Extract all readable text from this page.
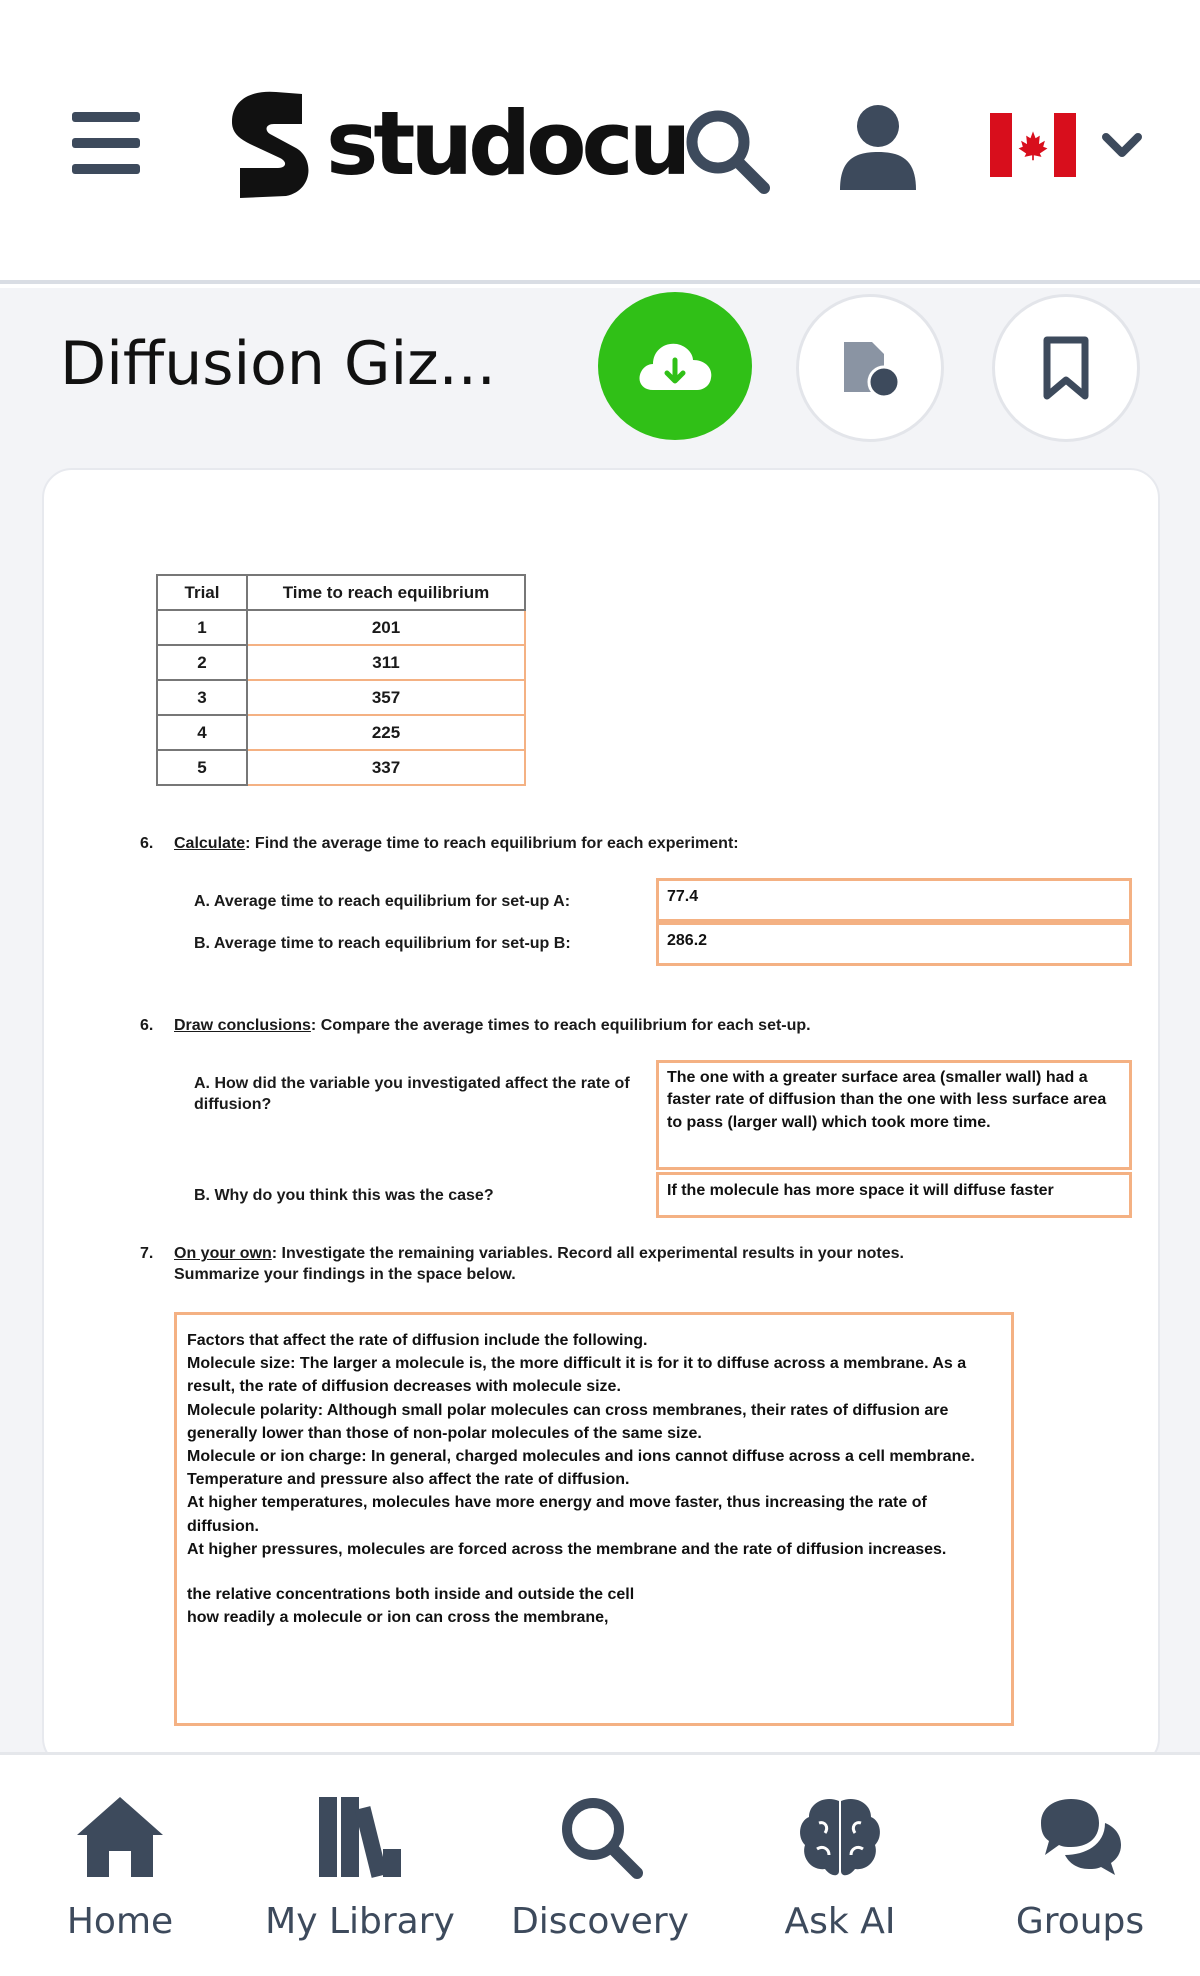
studocu
Diffusion Giz...
Trial	Time to reach equilibrium
1	201
2	311
3	357
4	225
5	337
6. Calculate: Find the average time to reach equilibrium for each experiment:
A. Average time to reach equilibrium for set-up A:	77.4
B. Average time to reach equilibrium for set-up B:	286.2
6. Draw conclusions: Compare the average times to reach equilibrium for each set-up.
A. How did the variable you investigated affect the rate of diffusion?
The one with a greater surface area (smaller wall) had a faster rate of diffusion than the one with less surface area to pass (larger wall) which took more time.
B. Why do you think this was the case?	If the molecule has more space it will diffuse faster
7. On your own: Investigate the remaining variables. Record all experimental results in your notes.
Summarize your findings in the space below.

Factors that affect the rate of diffusion include the following.

Molecule size: The larger a molecule is, the more difficult it is for it to diffuse across a membrane. As a result, the rate of diffusion decreases with molecule size.

Molecule polarity: Although small polar molecules can cross membranes, their rates of diffusion are generally lower than those of non-polar molecules of the same size.

Molecule or ion charge: In general, charged molecules and ions cannot diffuse across a cell membrane.

Temperature and pressure also affect the rate of diffusion.

At higher temperatures, molecules have more energy and move faster, thus increasing the rate of diffusion.

At higher pressures, molecules are forced across the membrane and the rate of diffusion increases.

the relative concentrations both inside and outside the cell

how readily a molecule or ion can cross the membrane,

Home	My Library	Discovery	Ask AI	Groups
